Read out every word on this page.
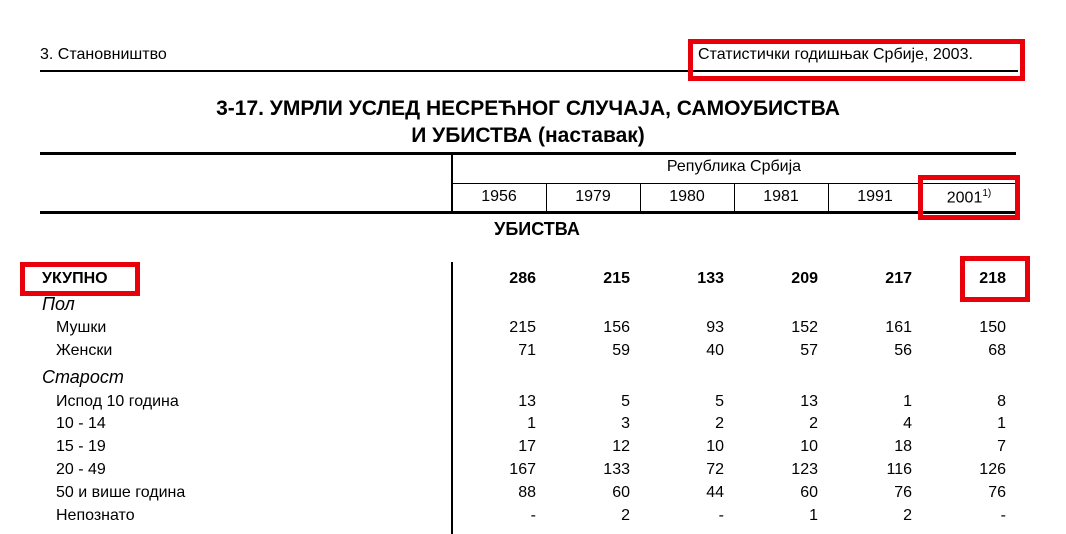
3. Становништво	Статистички годишњак Србије, 2003.
3-17. УМРЛИ УСЛЕД НЕСРЕЋНОГ СЛУЧАЈА, САМОУБИСТВА
И УБИСТВА (наставак)
Република Србија
1956	1979	1980	1981	1991	2001$^{1)}$
УБИСТВА
УКУПНО	286	215	133	209	217	218
Пол
Мушки	215	156	93	152	161	150
Женски	71	59	40	57	56	68
Старост
Испод 10 година	13	5	5	13	1	8
10 - 14	1	3	2	2	4	1
15 - 19	17	12	10	10	18	7
20 - 49	167	133	72	123	116	126
50 и више година	88	60	44	60	76	76
Непознато	-	2	-	1	2	-
